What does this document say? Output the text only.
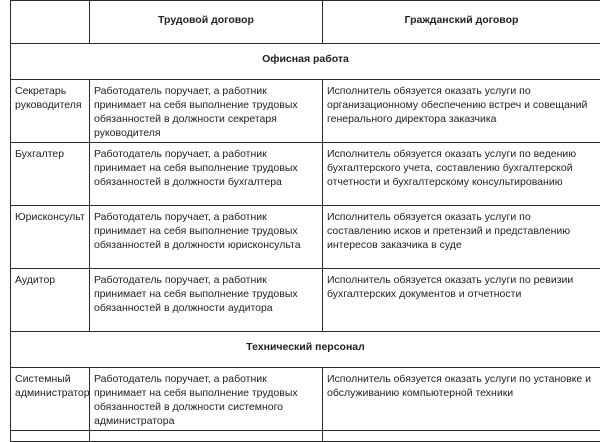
	Трудовой договор	Гражданский договор

Офисная работа		

Секретарь руководителя	Работодатель поручает, а работник принимает на себя выполнение трудовых обязанностей в должности секретаря руководителя	Исполнитель обязуется оказать услуги по организационному обеспечению встреч и совещаний генерального директора заказчика

Бухгалтер	Работодатель поручает, а работник принимает на себя выполнение трудовых обязанностей в должности бухгалтера	Исполнитель обязуется оказать услуги по ведению бухгалтерского учета, составлению бухгалтерской отчетности и бухгалтерскому консультированию

Юрисконсульт	Работодатель поручает, а работник принимает на себя выполнение трудовых обязанностей в должности юрисконсульта	Исполнитель обязуется оказать услуги по составлению исков и претензий и представлению интересов заказчика в суде

Аудитор	Работодатель поручает, а работник принимает на себя выполнение трудовых обязанностей в должности аудитора	Исполнитель обязуется оказать услуги по ревизии бухгалтерских документов и отчетности

Технический персонал		

Системный администратор	Работодатель поручает, а работник принимает на себя выполнение трудовых обязанностей в должности системного администратора	Исполнитель обязуется оказать услуги по установке и обслуживанию компьютерной техники
